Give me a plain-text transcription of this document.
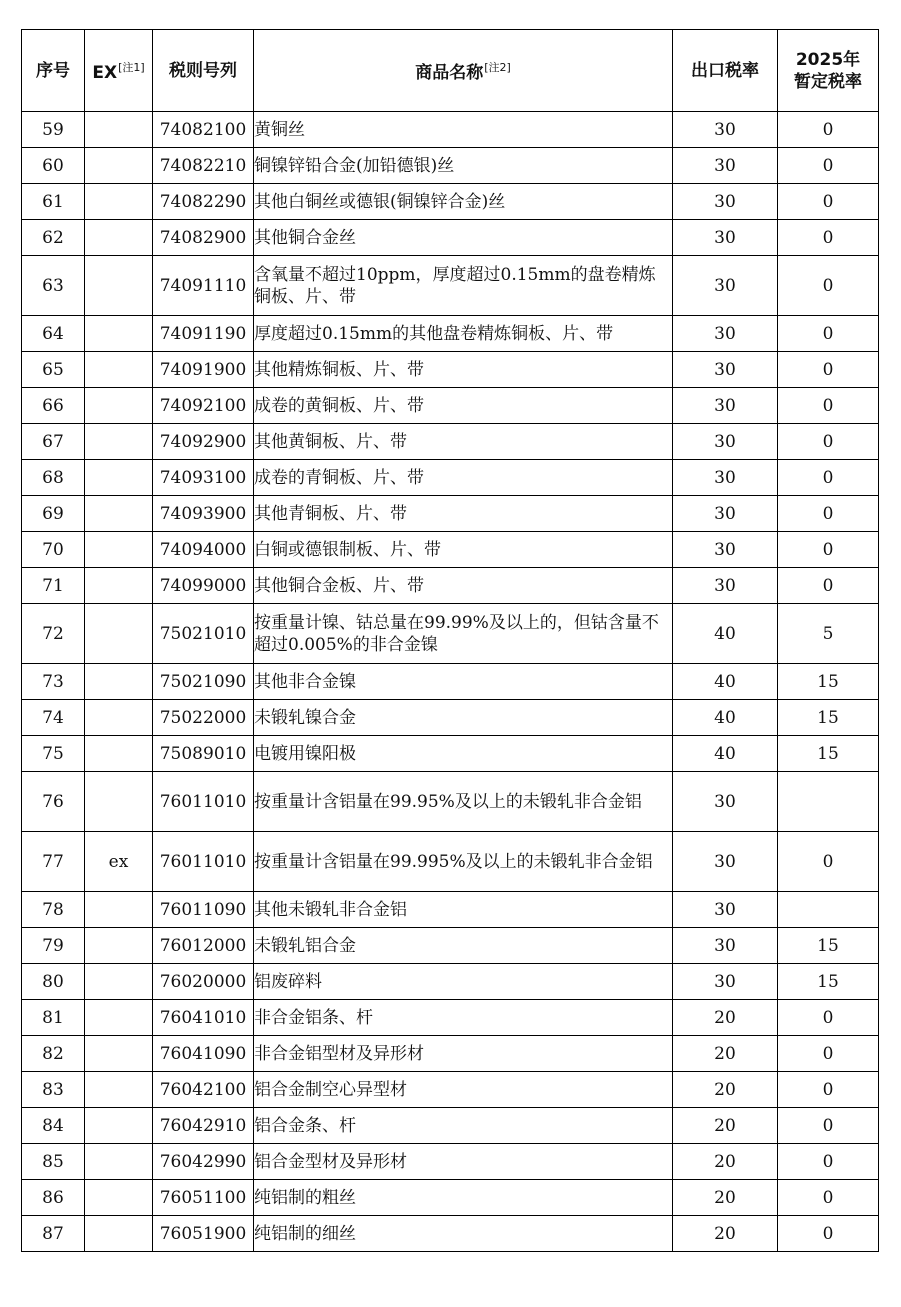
序号	EX[注1]	税则号列	商品名称[注2]	出口税率	2025年
暂定税率

59		74082100	黄铜丝	30	0
60		74082210	铜镍锌铅合金(加铅德银)丝	30	0
61		74082290	其他白铜丝或德银(铜镍锌合金)丝	30	0
62		74082900	其他铜合金丝	30	0
63		74091110	含氧量不超过10ppm，厚度超过0.15mm的盘卷精炼铜板、片、带	30	0
64		74091190	厚度超过0.15mm的其他盘卷精炼铜板、片、带	30	0
65		74091900	其他精炼铜板、片、带	30	0
66		74092100	成卷的黄铜板、片、带	30	0
67		74092900	其他黄铜板、片、带	30	0
68		74093100	成卷的青铜板、片、带	30	0
69		74093900	其他青铜板、片、带	30	0
70		74094000	白铜或德银制板、片、带	30	0
71		74099000	其他铜合金板、片、带	30	0
72		75021010	按重量计镍、钴总量在99.99%及以上的，但钴含量不超过0.005%的非合金镍	40	5
73		75021090	其他非合金镍	40	15
74		75022000	未锻轧镍合金	40	15
75		75089010	电镀用镍阳极	40	15
76		76011010	按重量计含铝量在99.95%及以上的未锻轧非合金铝	30	
77	ex	76011010	按重量计含铝量在99.995%及以上的未锻轧非合金铝	30	0
78		76011090	其他未锻轧非合金铝	30	
79		76012000	未锻轧铝合金	30	15
80		76020000	铝废碎料	30	15
81		76041010	非合金铝条、杆	20	0
82		76041090	非合金铝型材及异形材	20	0
83		76042100	铝合金制空心异型材	20	0
84		76042910	铝合金条、杆	20	0
85		76042990	铝合金型材及异形材	20	0
86		76051100	纯铝制的粗丝	20	0
87		76051900	纯铝制的细丝	20	0
